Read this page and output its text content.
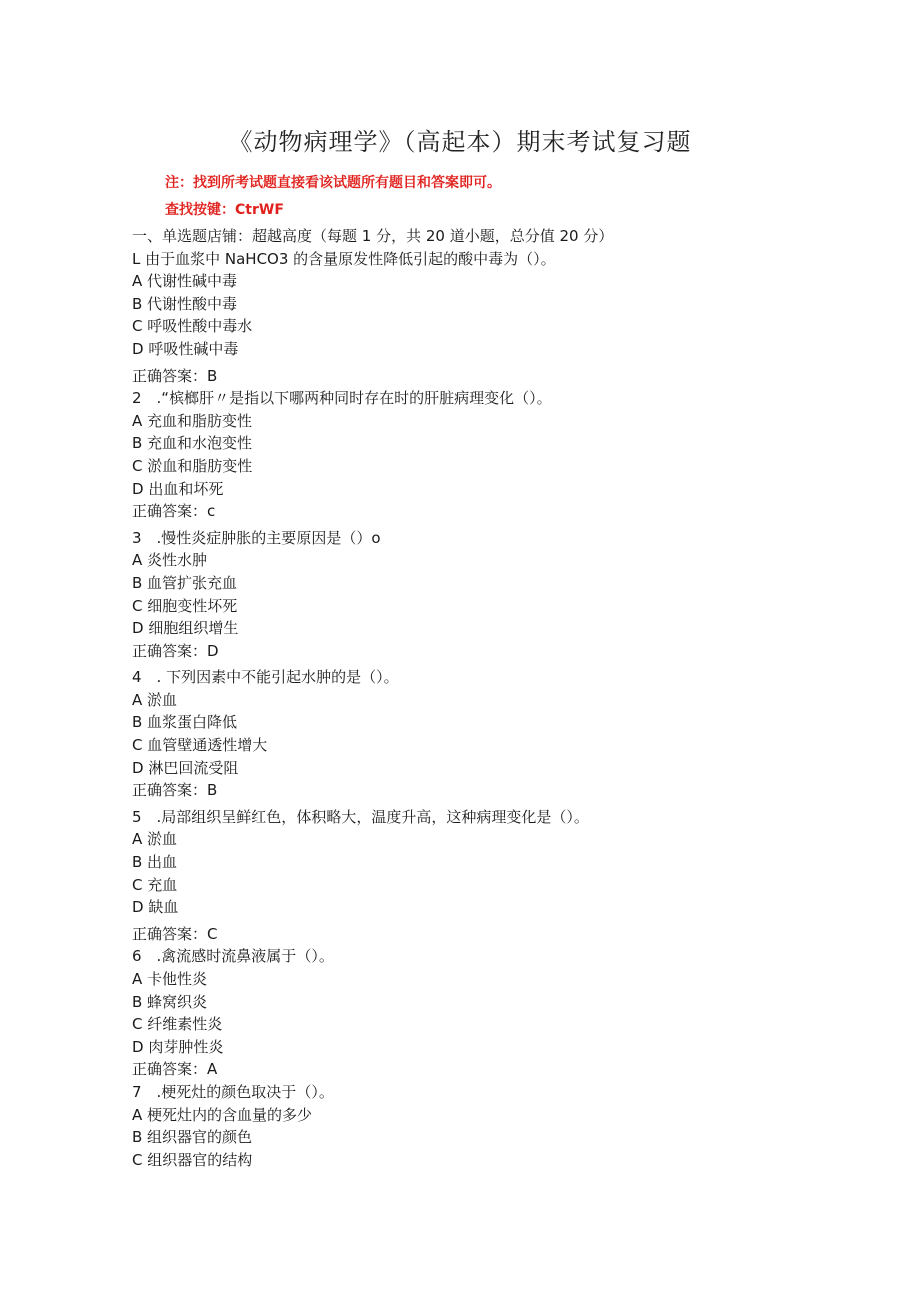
《动物病理学》（高起本）期末考试复习题
注：找到所考试题直接看该试题所有题目和答案即可。
查找按键：CtrWF
一、单选题店铺：超越高度（每题 1 分，共 20 道小题，总分值 20 分）
L 由于血浆中 NaHCO3 的含量原发性降低引起的酸中毒为（）。
A 代谢性碱中毒
B 代谢性酸中毒
C 呼吸性酸中毒水
D 呼吸性碱中毒
正确答案：B
2　.“槟榔肝〃是指以下哪两种同时存在时的肝脏病理变化（）。
A 充血和脂肪变性
B 充血和水泡变性
C 淤血和脂肪变性
D 出血和坏死
正确答案：c
3　.慢性炎症肿胀的主要原因是（）o
A 炎性水肿
B 血管扩张充血
C 细胞变性坏死
D 细胞组织增生
正确答案：D
4　. 下列因素中不能引起水肿的是（）。
A 淤血
B 血浆蛋白降低
C 血管壁通透性增大
D 淋巴回流受阻
正确答案：B
5　.局部组织呈鲜红色，体积略大，温度升高，这种病理变化是（）。
A 淤血
B 出血
C 充血
D 缺血
正确答案：C
6　.禽流感时流鼻液属于（）。
A 卡他性炎
B 蜂窝织炎
C 纤维素性炎
D 肉芽肿性炎
正确答案：A
7　.梗死灶的颜色取决于（）。
A 梗死灶内的含血量的多少
B 组织器官的颜色
C 组织器官的结构
